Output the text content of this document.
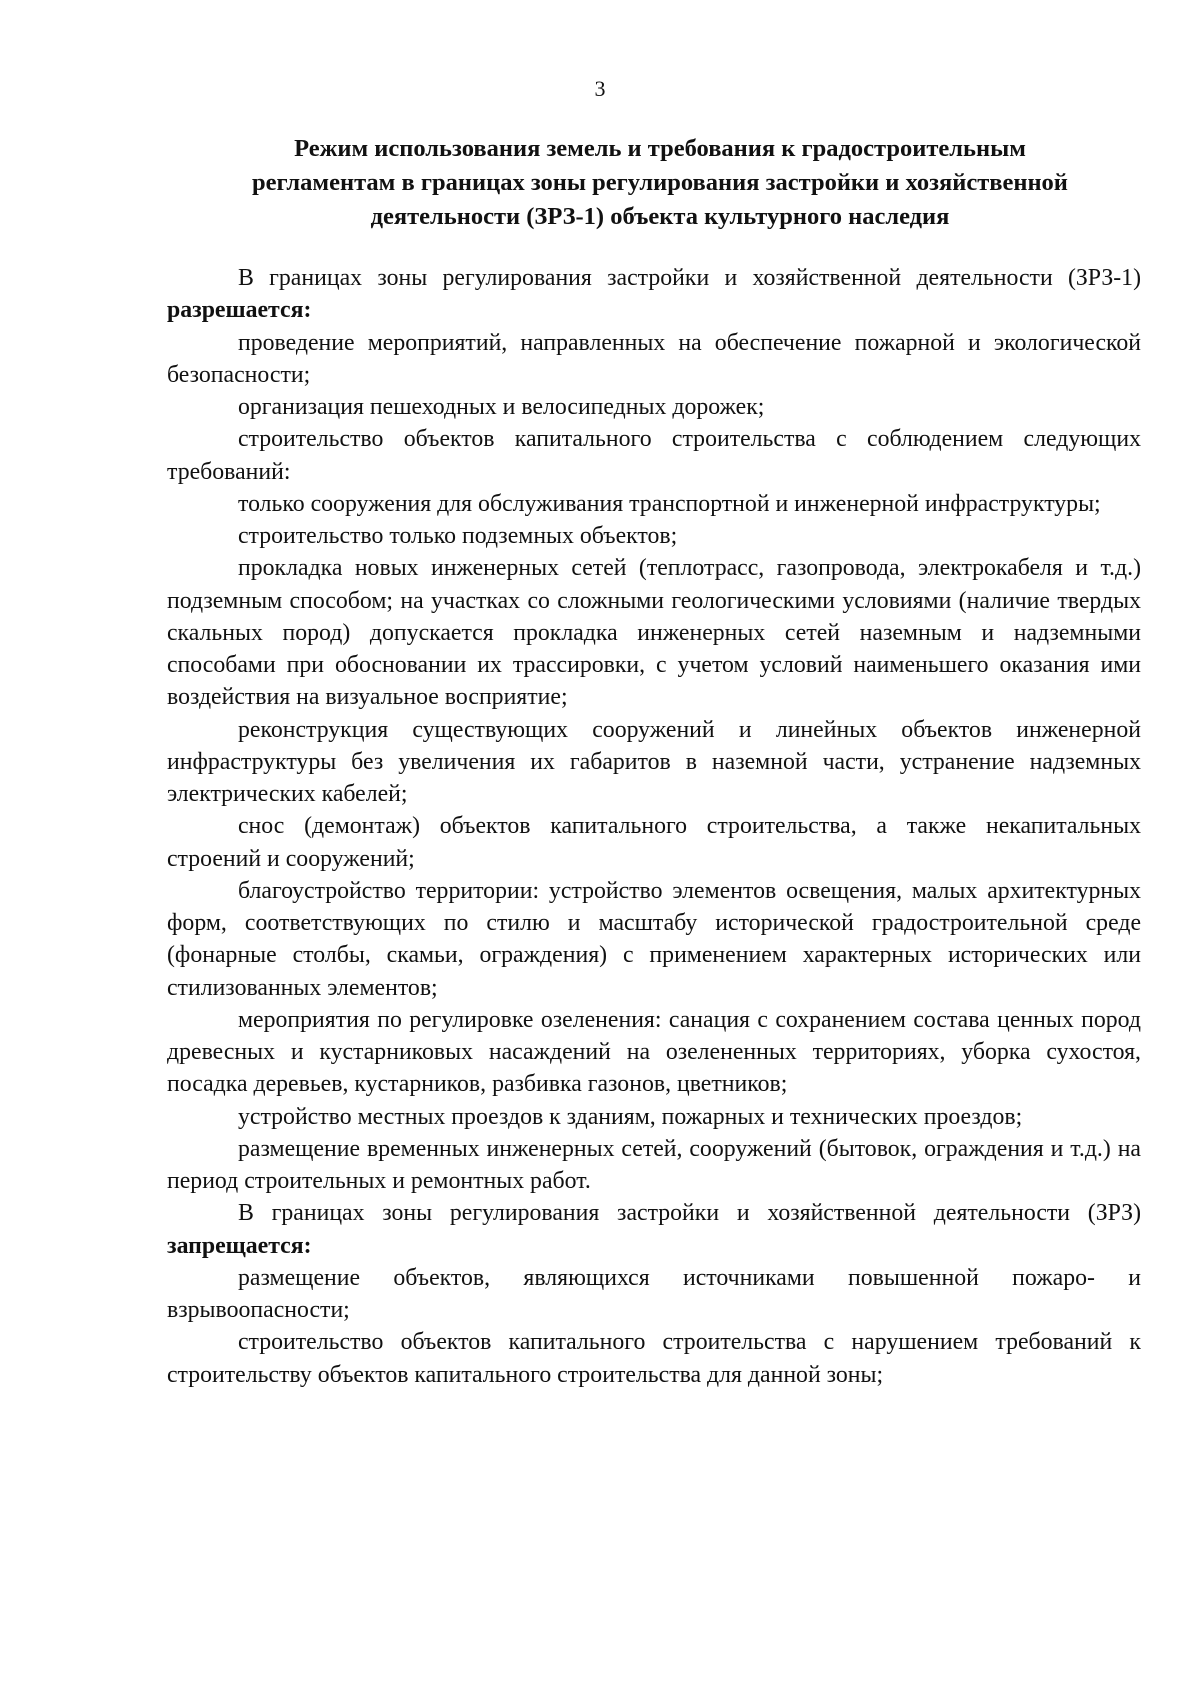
3
Режим использования земель и требования к градостроительным
регламентам в границах зоны регулирования застройки и хозяйственной
деятельности (ЗРЗ-1) объекта культурного наследия

В границах зоны регулирования застройки и хозяйственной деятельности (ЗРЗ-1) разрешается:

проведение мероприятий, направленных на обеспечение пожарной и экологической безопасности;

организация пешеходных и велосипедных дорожек;

строительство объектов капитального строительства с соблюдением следующих требований:

только сооружения для обслуживания транспортной и инженерной инфраструктуры;

строительство только подземных объектов;

прокладка новых инженерных сетей (теплотрасс, газопровода, электрокабеля и т.д.) подземным способом; на участках со сложными геологическими условиями (наличие твердых скальных пород) допускается прокладка инженерных сетей наземным и надземными способами при обосновании их трассировки, с учетом условий наименьшего оказания ими воздействия на визуальное восприятие;

реконструкция существующих сооружений и линейных объектов инженерной инфраструктуры без увеличения их габаритов в наземной части, устранение надземных электрических кабелей;

снос (демонтаж) объектов капитального строительства, а также некапитальных строений и сооружений;

благоустройство территории: устройство элементов освещения, малых архитектурных форм, соответствующих по стилю и масштабу исторической градостроительной среде (фонарные столбы, скамьи, ограждения) с применением характерных исторических или стилизованных элементов;

мероприятия по регулировке озеленения: санация с сохранением состава ценных пород древесных и кустарниковых насаждений на озелененных территориях, уборка сухостоя, посадка деревьев, кустарников, разбивка газонов, цветников;

устройство местных проездов к зданиям, пожарных и технических проездов;

размещение временных инженерных сетей, сооружений (бытовок, ограждения и т.д.) на период строительных и ремонтных работ.

В границах зоны регулирования застройки и хозяйственной деятельности (ЗРЗ) запрещается:

размещение объектов, являющихся источниками повышенной пожаро- и взрывоопасности;

строительство объектов капитального строительства с нарушением требований к строительству объектов капитального строительства для данной зоны;
